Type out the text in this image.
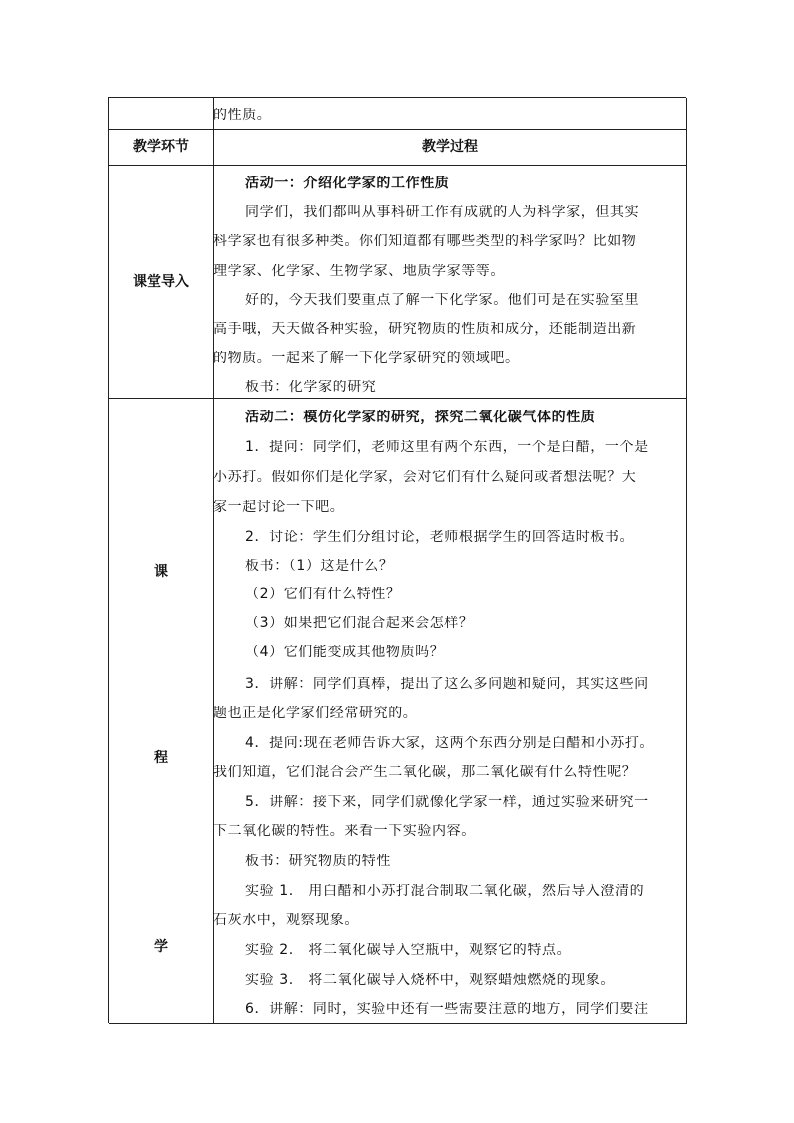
的性质。
教学环节	教学过程
课堂导入
活动一：介绍化学家的工作性质
同学们，我们都叫从事科研工作有成就的人为科学家，但其实
科学家也有很多种类。你们知道都有哪些类型的科学家吗？比如物
理学家、化学家、生物学家、地质学家等等。
好的，今天我们要重点了解一下化学家。他们可是在实验室里
高手哦，天天做各种实验，研究物质的性质和成分，还能制造出新
的物质。一起来了解一下化学家研究的领域吧。
板书：化学家的研究
课
程
学
活动二：模仿化学家的研究，探究二氧化碳气体的性质
1．提问：同学们，老师这里有两个东西，一个是白醋，一个是
小苏打。假如你们是化学家，会对它们有什么疑问或者想法呢？大
家一起讨论一下吧。
2．讨论：学生们分组讨论，老师根据学生的回答适时板书。
板书：（1）这是什么？
（2）它们有什么特性？
（3）如果把它们混合起来会怎样？
（4）它们能变成其他物质吗？
3．讲解：同学们真棒，提出了这么多问题和疑问，其实这些问
题也正是化学家们经常研究的。
4．提问:现在老师告诉大家，这两个东西分别是白醋和小苏打。
我们知道，它们混合会产生二氧化碳，那二氧化碳有什么特性呢？
5．讲解：接下来，同学们就像化学家一样，通过实验来研究一
下二氧化碳的特性。来看一下实验内容。
板书：研究物质的特性
实验 1.　用白醋和小苏打混合制取二氧化碳，然后导入澄清的
石灰水中，观察现象。
实验 2.　将二氧化碳导入空瓶中，观察它的特点。
实验 3.　将二氧化碳导入烧杯中，观察蜡烛燃烧的现象。
6．讲解：同时，实验中还有一些需要注意的地方，同学们要注
